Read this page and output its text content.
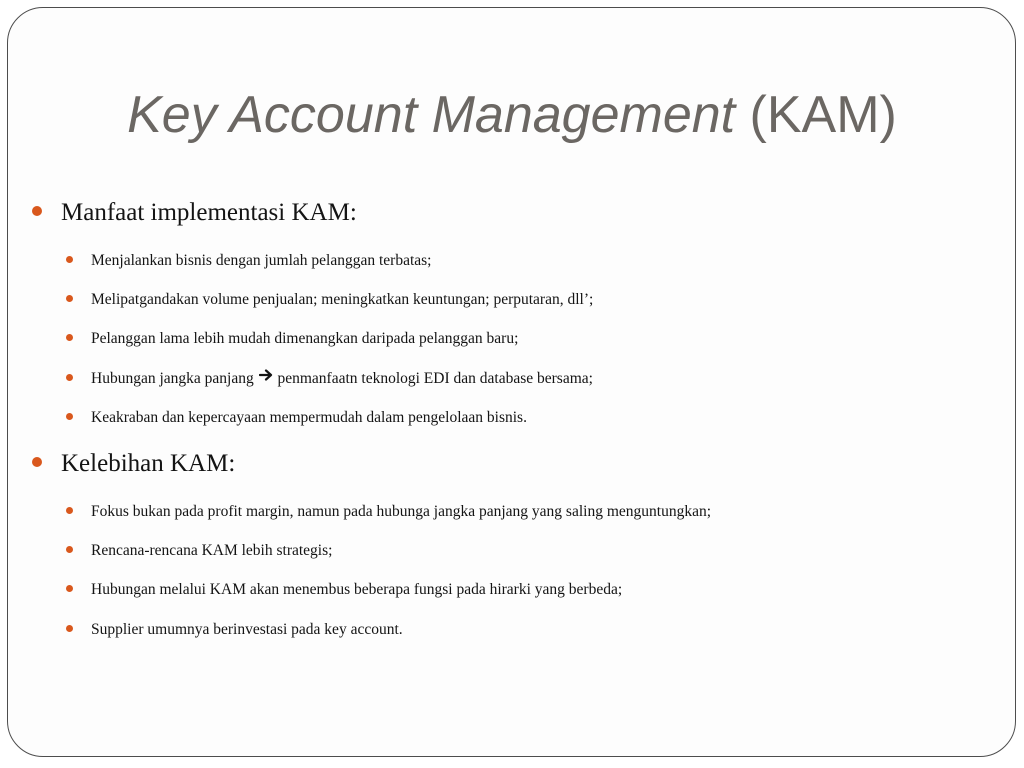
Key Account Management (KAM)
Manfaat implementasi KAM:
Menjalankan bisnis dengan jumlah pelanggan terbatas;
Melipatgandakan volume penjualan; meningkatkan keuntungan; perputaran, dll’;
Pelanggan lama lebih mudah dimenangkan daripada pelanggan baru;
Hubungan jangka panjang  penmanfaatn teknologi EDI dan database bersama;
Keakraban dan kepercayaan mempermudah dalam pengelolaan bisnis.
Kelebihan KAM:
Fokus bukan pada profit margin, namun pada hubunga jangka panjang yang saling menguntungkan;
Rencana-rencana KAM lebih strategis;
Hubungan melalui KAM akan menembus beberapa fungsi pada hirarki yang berbeda;
Supplier umumnya berinvestasi pada key account.
